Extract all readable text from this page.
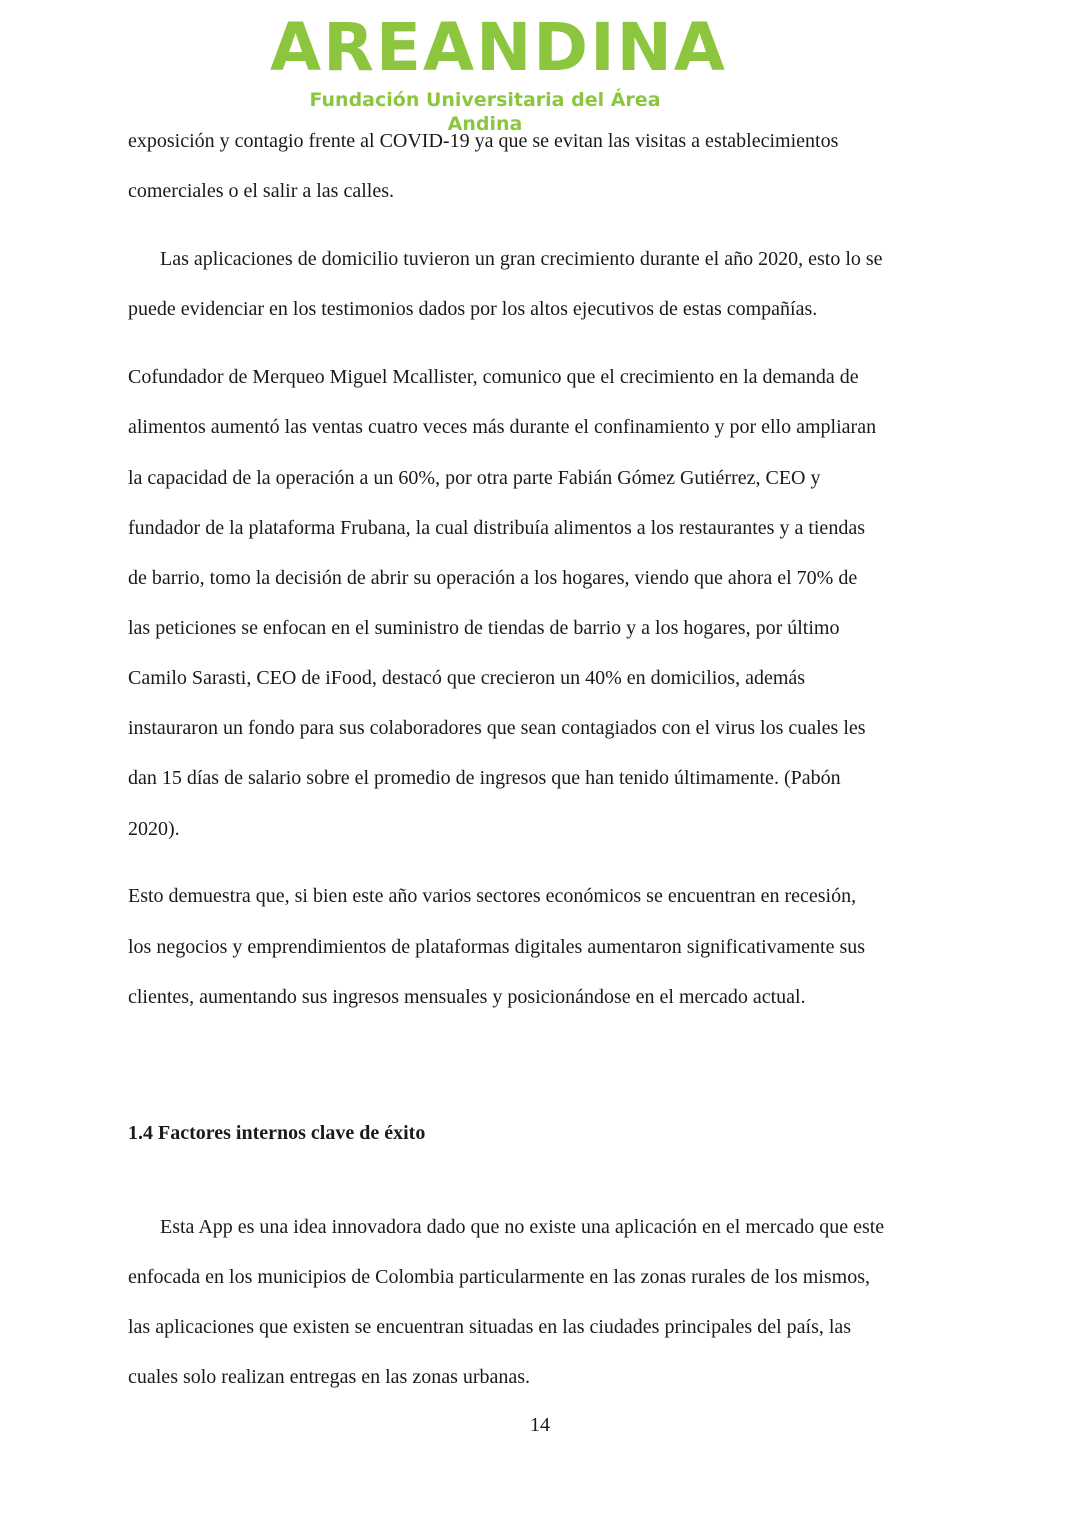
AREANDINA
Fundación Universitaria del Área Andina
exposición y contagio frente al COVID-19 ya que se evitan las visitas a establecimientos
comerciales o el salir a las calles.
Las aplicaciones de domicilio tuvieron un gran crecimiento durante el año 2020, esto lo se
puede evidenciar en los testimonios dados por los altos ejecutivos de estas compañías.
Cofundador de Merqueo Miguel Mcallister, comunico que el crecimiento en la demanda de
alimentos aumentó las ventas cuatro veces más durante el confinamiento y por ello ampliaran
la capacidad de la operación a un 60%, por otra parte Fabián Gómez Gutiérrez, CEO y
fundador de la plataforma Frubana, la cual distribuía alimentos a los restaurantes y a tiendas
de barrio, tomo la decisión de abrir su operación a los hogares, viendo que ahora el 70% de
las peticiones se enfocan en el suministro de tiendas de barrio y a los hogares, por último
Camilo Sarasti, CEO de iFood, destacó que crecieron un 40% en domicilios, además
instauraron un fondo para sus colaboradores que sean contagiados con el virus los cuales les
dan 15 días de salario sobre el promedio de ingresos que han tenido últimamente. (Pabón
2020).
Esto demuestra que, si bien este año varios sectores económicos se encuentran en recesión,
los negocios y emprendimientos de plataformas digitales aumentaron significativamente sus
clientes, aumentando sus ingresos mensuales y posicionándose en el mercado actual.
1.4 Factores internos clave de éxito
Esta App es una idea innovadora dado que no existe una aplicación en el mercado que este
enfocada en los municipios de Colombia particularmente en las zonas rurales de los mismos,
las aplicaciones que existen se encuentran situadas en las ciudades principales del país, las
cuales solo realizan entregas en las zonas urbanas.
14
